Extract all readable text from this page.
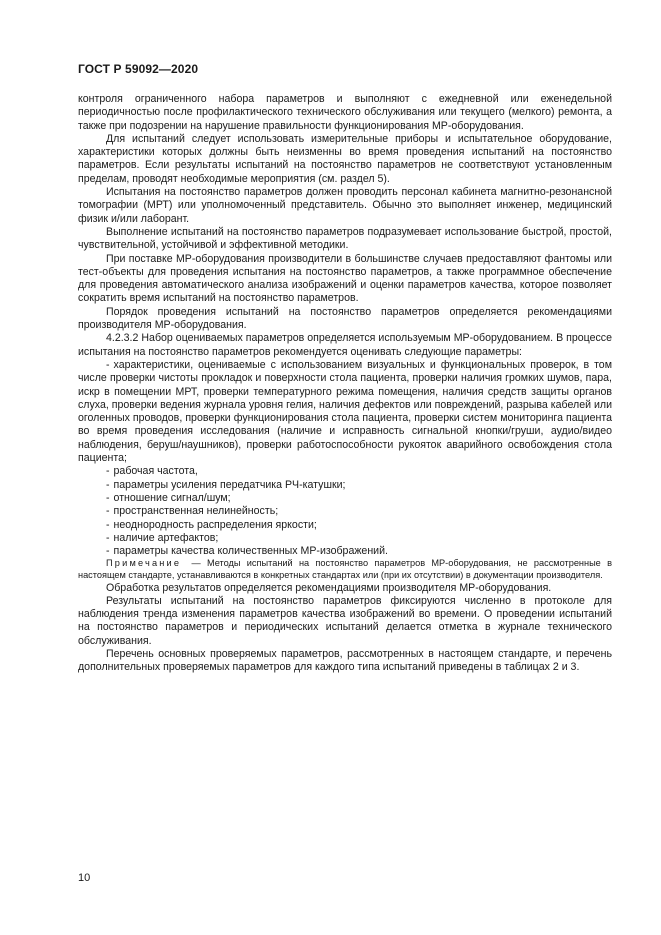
ГОСТ Р 59092—2020

контроля ограниченного набора параметров и выполняют с ежедневной или еженедельной периодичностью после профилактического технического обслуживания или текущего (мелкого) ремонта, а также при подозрении на нарушение правильности функционирования МР-оборудования.

Для испытаний следует использовать измерительные приборы и испытательное оборудование, характеристики которых должны быть неизменны во время проведения испытаний на постоянство параметров. Если результаты испытаний на постоянство параметров не соответствуют установленным пределам, проводят необходимые мероприятия (см. раздел 5).

Испытания на постоянство параметров должен проводить персонал кабинета магнитно-резонансной томографии (МРТ) или уполномоченный представитель. Обычно это выполняет инженер, медицинский физик и/или лаборант.

Выполнение испытаний на постоянство параметров подразумевает использование быстрой, простой, чувствительной, устойчивой и эффективной методики.

При поставке МР-оборудования производители в большинстве случаев предоставляют фантомы или тест-объекты для проведения испытания на постоянство параметров, а также программное обеспечение для проведения автоматического анализа изображений и оценки параметров качества, которое позволяет сократить время испытаний на постоянство параметров.

Порядок проведения испытаний на постоянство параметров определяется рекомендациями производителя МР-оборудования.

4.2.3.2 Набор оцениваемых параметров определяется используемым МР-оборудованием. В процессе испытания на постоянство параметров рекомендуется оценивать следующие параметры:

- характеристики, оцениваемые с использованием визуальных и функциональных проверок, в том числе проверки чистоты прокладок и поверхности стола пациента, проверки наличия громких шумов, пара, искр в помещении МРТ, проверки температурного режима помещения, наличия средств защиты органов слуха, проверки ведения журнала уровня гелия, наличия дефектов или повреждений, разрыва кабелей или оголенных проводов, проверки функционирования стола пациента, проверки систем мониторинга пациента во время проведения исследования (наличие и исправность сигнальной кнопки/груши, аудио/видео наблюдения, беруш/наушников), проверки работоспособности рукояток аварийного освобождения стола пациента;
- рабочая частота,
- параметры усиления передатчика РЧ-катушки;
- отношение сигнал/шум;
- пространственная нелинейность;
- неоднородность распределения яркости;
- наличие артефактов;
- параметры качества количественных МР-изображений.

Примечание — Методы испытаний на постоянство параметров МР-оборудования, не рассмотренные в настоящем стандарте, устанавливаются в конкретных стандартах или (при их отсутствии) в документации производителя.

Обработка результатов определяется рекомендациями производителя МР-оборудования.

Результаты испытаний на постоянство параметров фиксируются численно в протоколе для наблюдения тренда изменения параметров качества изображений во времени. О проведении испытаний на постоянство параметров и периодических испытаний делается отметка в журнале технического обслуживания.

Перечень основных проверяемых параметров, рассмотренных в настоящем стандарте, и перечень дополнительных проверяемых параметров для каждого типа испытаний приведены в таблицах 2 и 3.

10
